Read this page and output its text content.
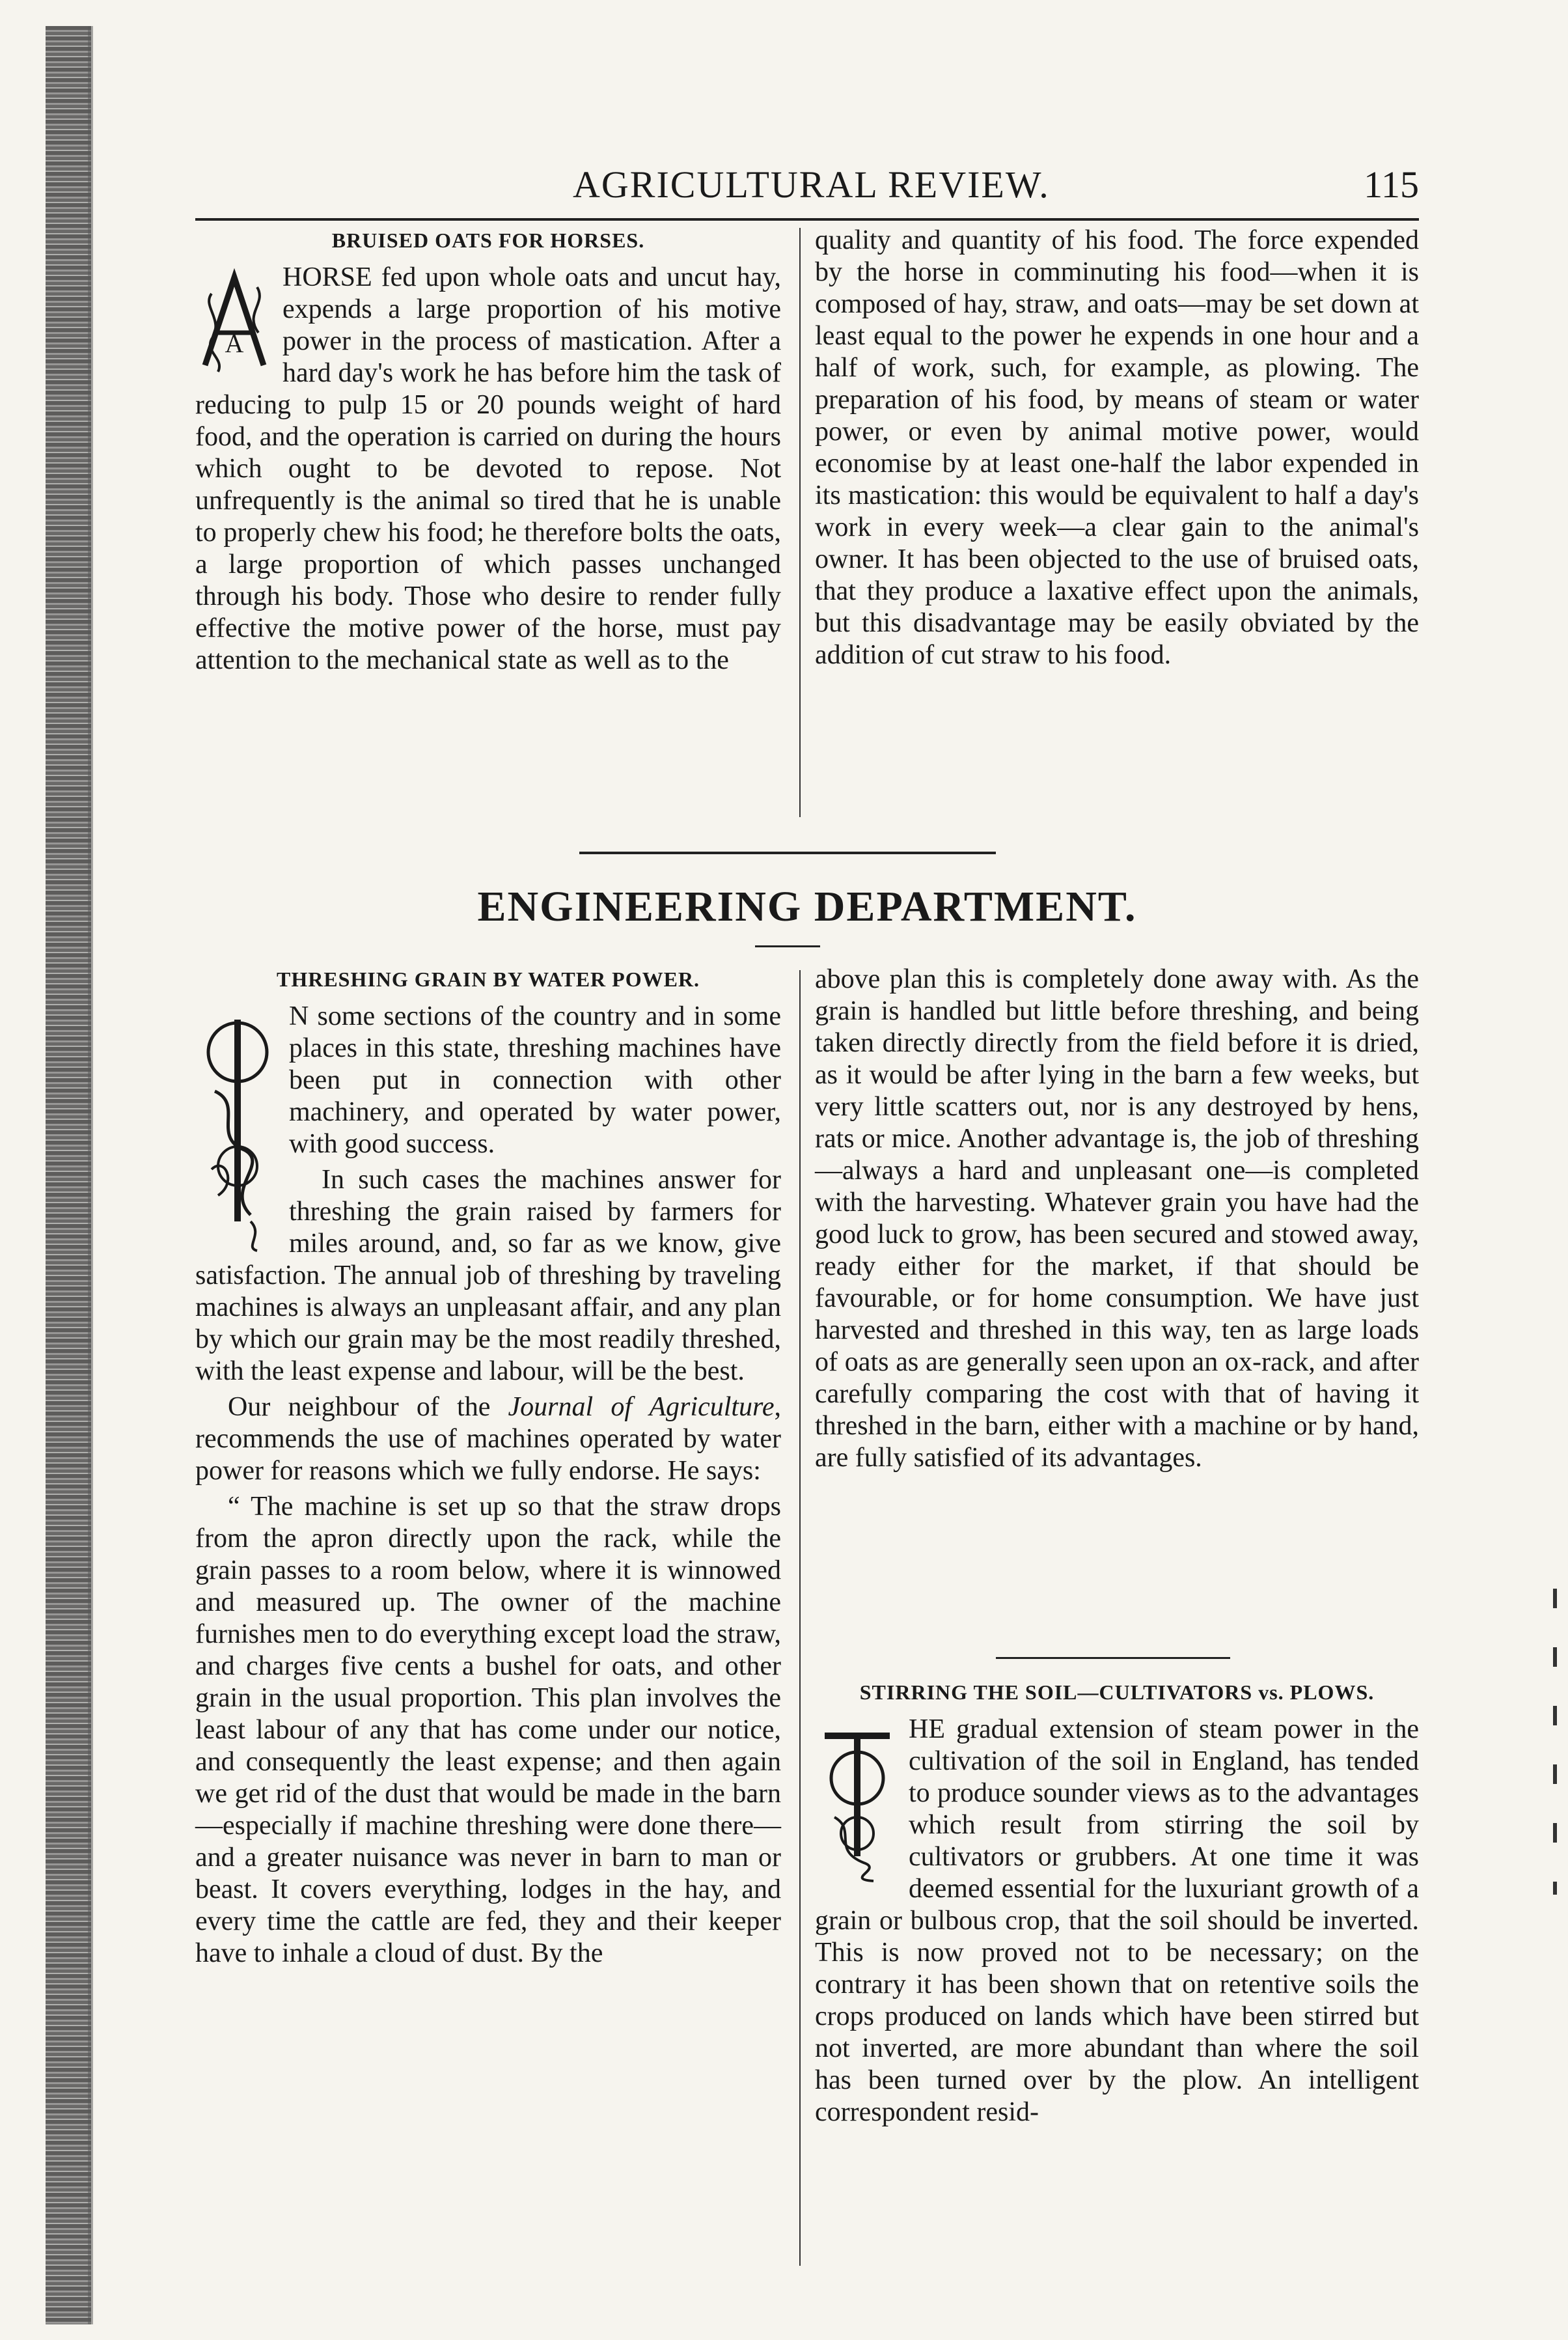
AGRICULTURAL REVIEW.	115
BRUISED OATS FOR HORSES.
A

HORSE fed upon whole oats and uncut hay, expends a large proportion of his motive power in the process of mastication. After a hard day's work he has before him the task of reducing to pulp 15 or 20 pounds weight of hard food, and the operation is carried on during the hours which ought to be devoted to repose. Not unfrequently is the animal so tired that he is unable to properly chew his food; he therefore bolts the oats, a large proportion of which passes unchanged through his body. Those who desire to render fully effective the motive power of the horse, must pay attention to the mechanical state as well as to the

quality and quantity of his food. The force expended by the horse in comminuting his food—when it is composed of hay, straw, and oats—may be set down at least equal to the power he expends in one hour and a half of work, such, for example, as plowing. The preparation of his food, by means of steam or water power, or even by animal motive power, would economise by at least one-half the labor expended in its mastication: this would be equivalent to half a day's work in every week—a clear gain to the animal's owner. It has been objected to the use of bruised oats, that they produce a laxative effect upon the animals, but this disadvantage may be easily obviated by the addition of cut straw to his food.

ENGINEERING DEPARTMENT.
THRESHING GRAIN BY WATER POWER.

N some sections of the country and in some places in this state, threshing machines have been put in connection with other machinery, and operated by water power, with good success.

In such cases the machines answer for threshing the grain raised by farmers for miles around, and, so far as we know, give satisfaction. The annual job of threshing by traveling machines is always an unpleasant affair, and any plan by which our grain may be the most readily threshed, with the least expense and labour, will be the best.

Our neighbour of the Journal of Agriculture, recommends the use of machines operated by water power for reasons which we fully endorse. He says:

“ The machine is set up so that the straw drops from the apron directly upon the rack, while the grain passes to a room below, where it is winnowed and measured up. The owner of the machine furnishes men to do everything except load the straw, and charges five cents a bushel for oats, and other grain in the usual proportion. This plan involves the least labour of any that has come under our notice, and consequently the least expense; and then again we get rid of the dust that would be made in the barn—especially if machine threshing were done there—and a greater nuisance was never in barn to man or beast. It covers everything, lodges in the hay, and every time the cattle are fed, they and their keeper have to inhale a cloud of dust. By the

above plan this is completely done away with. As the grain is handled but little before threshing, and being taken directly directly from the field before it is dried, as it would be after lying in the barn a few weeks, but very little scatters out, nor is any destroyed by hens, rats or mice. Another advantage is, the job of threshing—always a hard and unpleasant one—is completed with the harvesting. Whatever grain you have had the good luck to grow, has been secured and stowed away, ready either for the market, if that should be favourable, or for home consumption. We have just harvested and threshed in this way, ten as large loads of oats as are generally seen upon an ox-rack, and after carefully comparing the cost with that of having it threshed in the barn, either with a machine or by hand, are fully satisfied of its advantages.

STIRRING THE SOIL—CULTIVATORS vs. PLOWS.

HE gradual extension of steam power in the cultivation of the soil in England, has tended to produce sounder views as to the advantages which result from stirring the soil by cultivators or grubbers. At one time it was deemed essential for the luxuriant growth of a grain or bulbous crop, that the soil should be inverted. This is now proved not to be necessary; on the contrary it has been shown that on retentive soils the crops produced on lands which have been stirred but not inverted, are more abundant than where the soil has been turned over by the plow. An intelligent correspondent resid-
